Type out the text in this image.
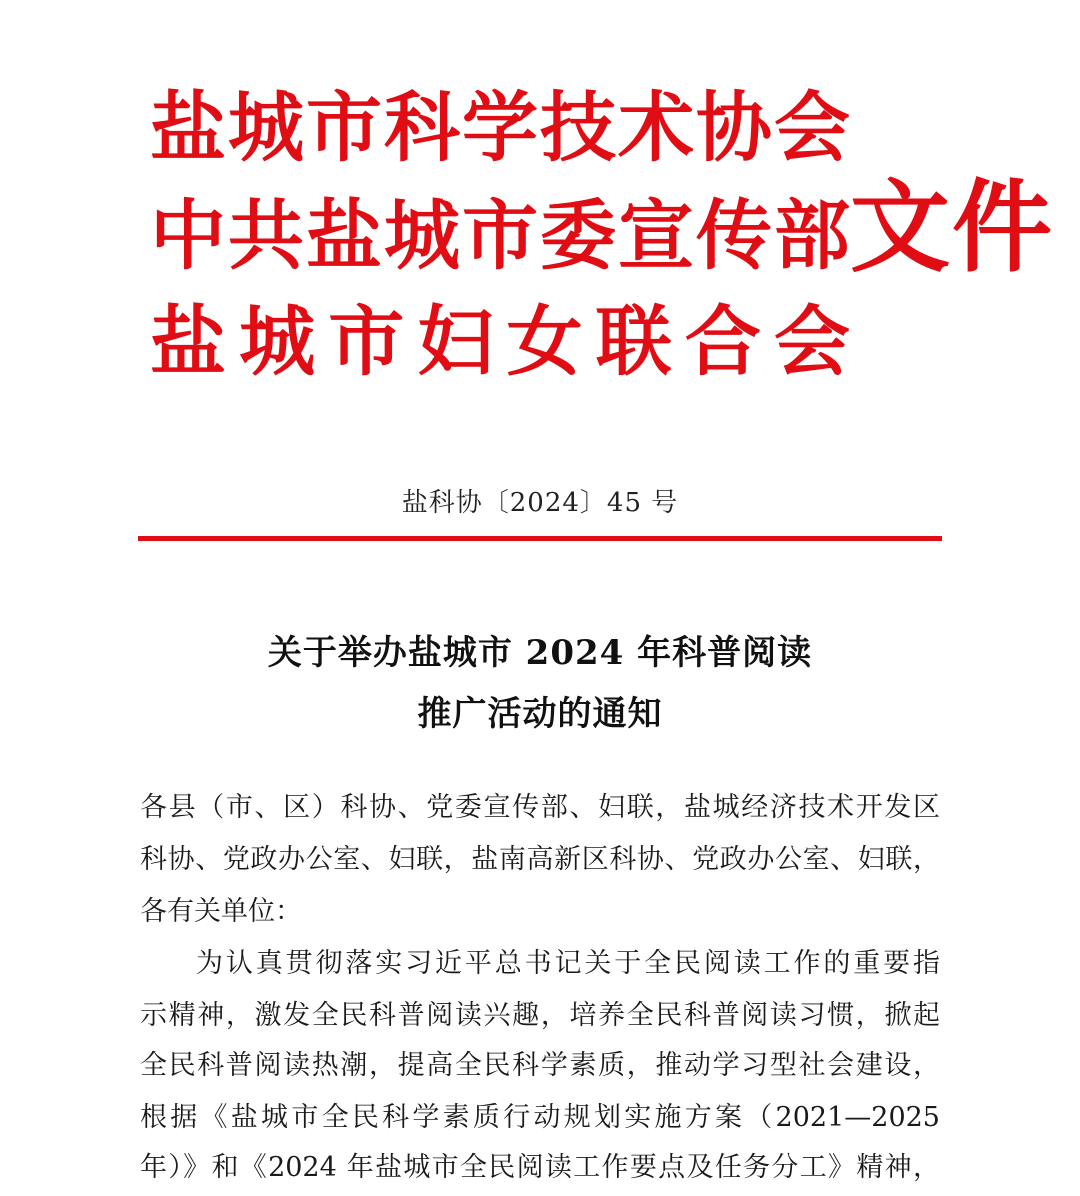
盐 城 市 科 学 技 术 协 会
中 共 盐 城 市 委 宣 传 部
盐 城 市 妇 女 联 合 会
文件
盐科协〔2024〕45 号
关于举办盐城市 2024 年科普阅读
推广活动的通知
各县（市、区）科协、党委宣传部、妇联，盐城经济技术开发区
科协、党政办公室、妇联，盐南高新区科协、党政办公室、妇联，
各有关单位：
为认真贯彻落实习近平总书记关于全民阅读工作的重要指
示精神，激发全民科普阅读兴趣，培养全民科普阅读习惯，掀起
全民科普阅读热潮，提高全民科学素质，推动学习型社会建设，
根据《盐城市全民科学素质行动规划实施方案（2021—2025
年）》和《2024 年盐城市全民阅读工作要点及任务分工》精神，
